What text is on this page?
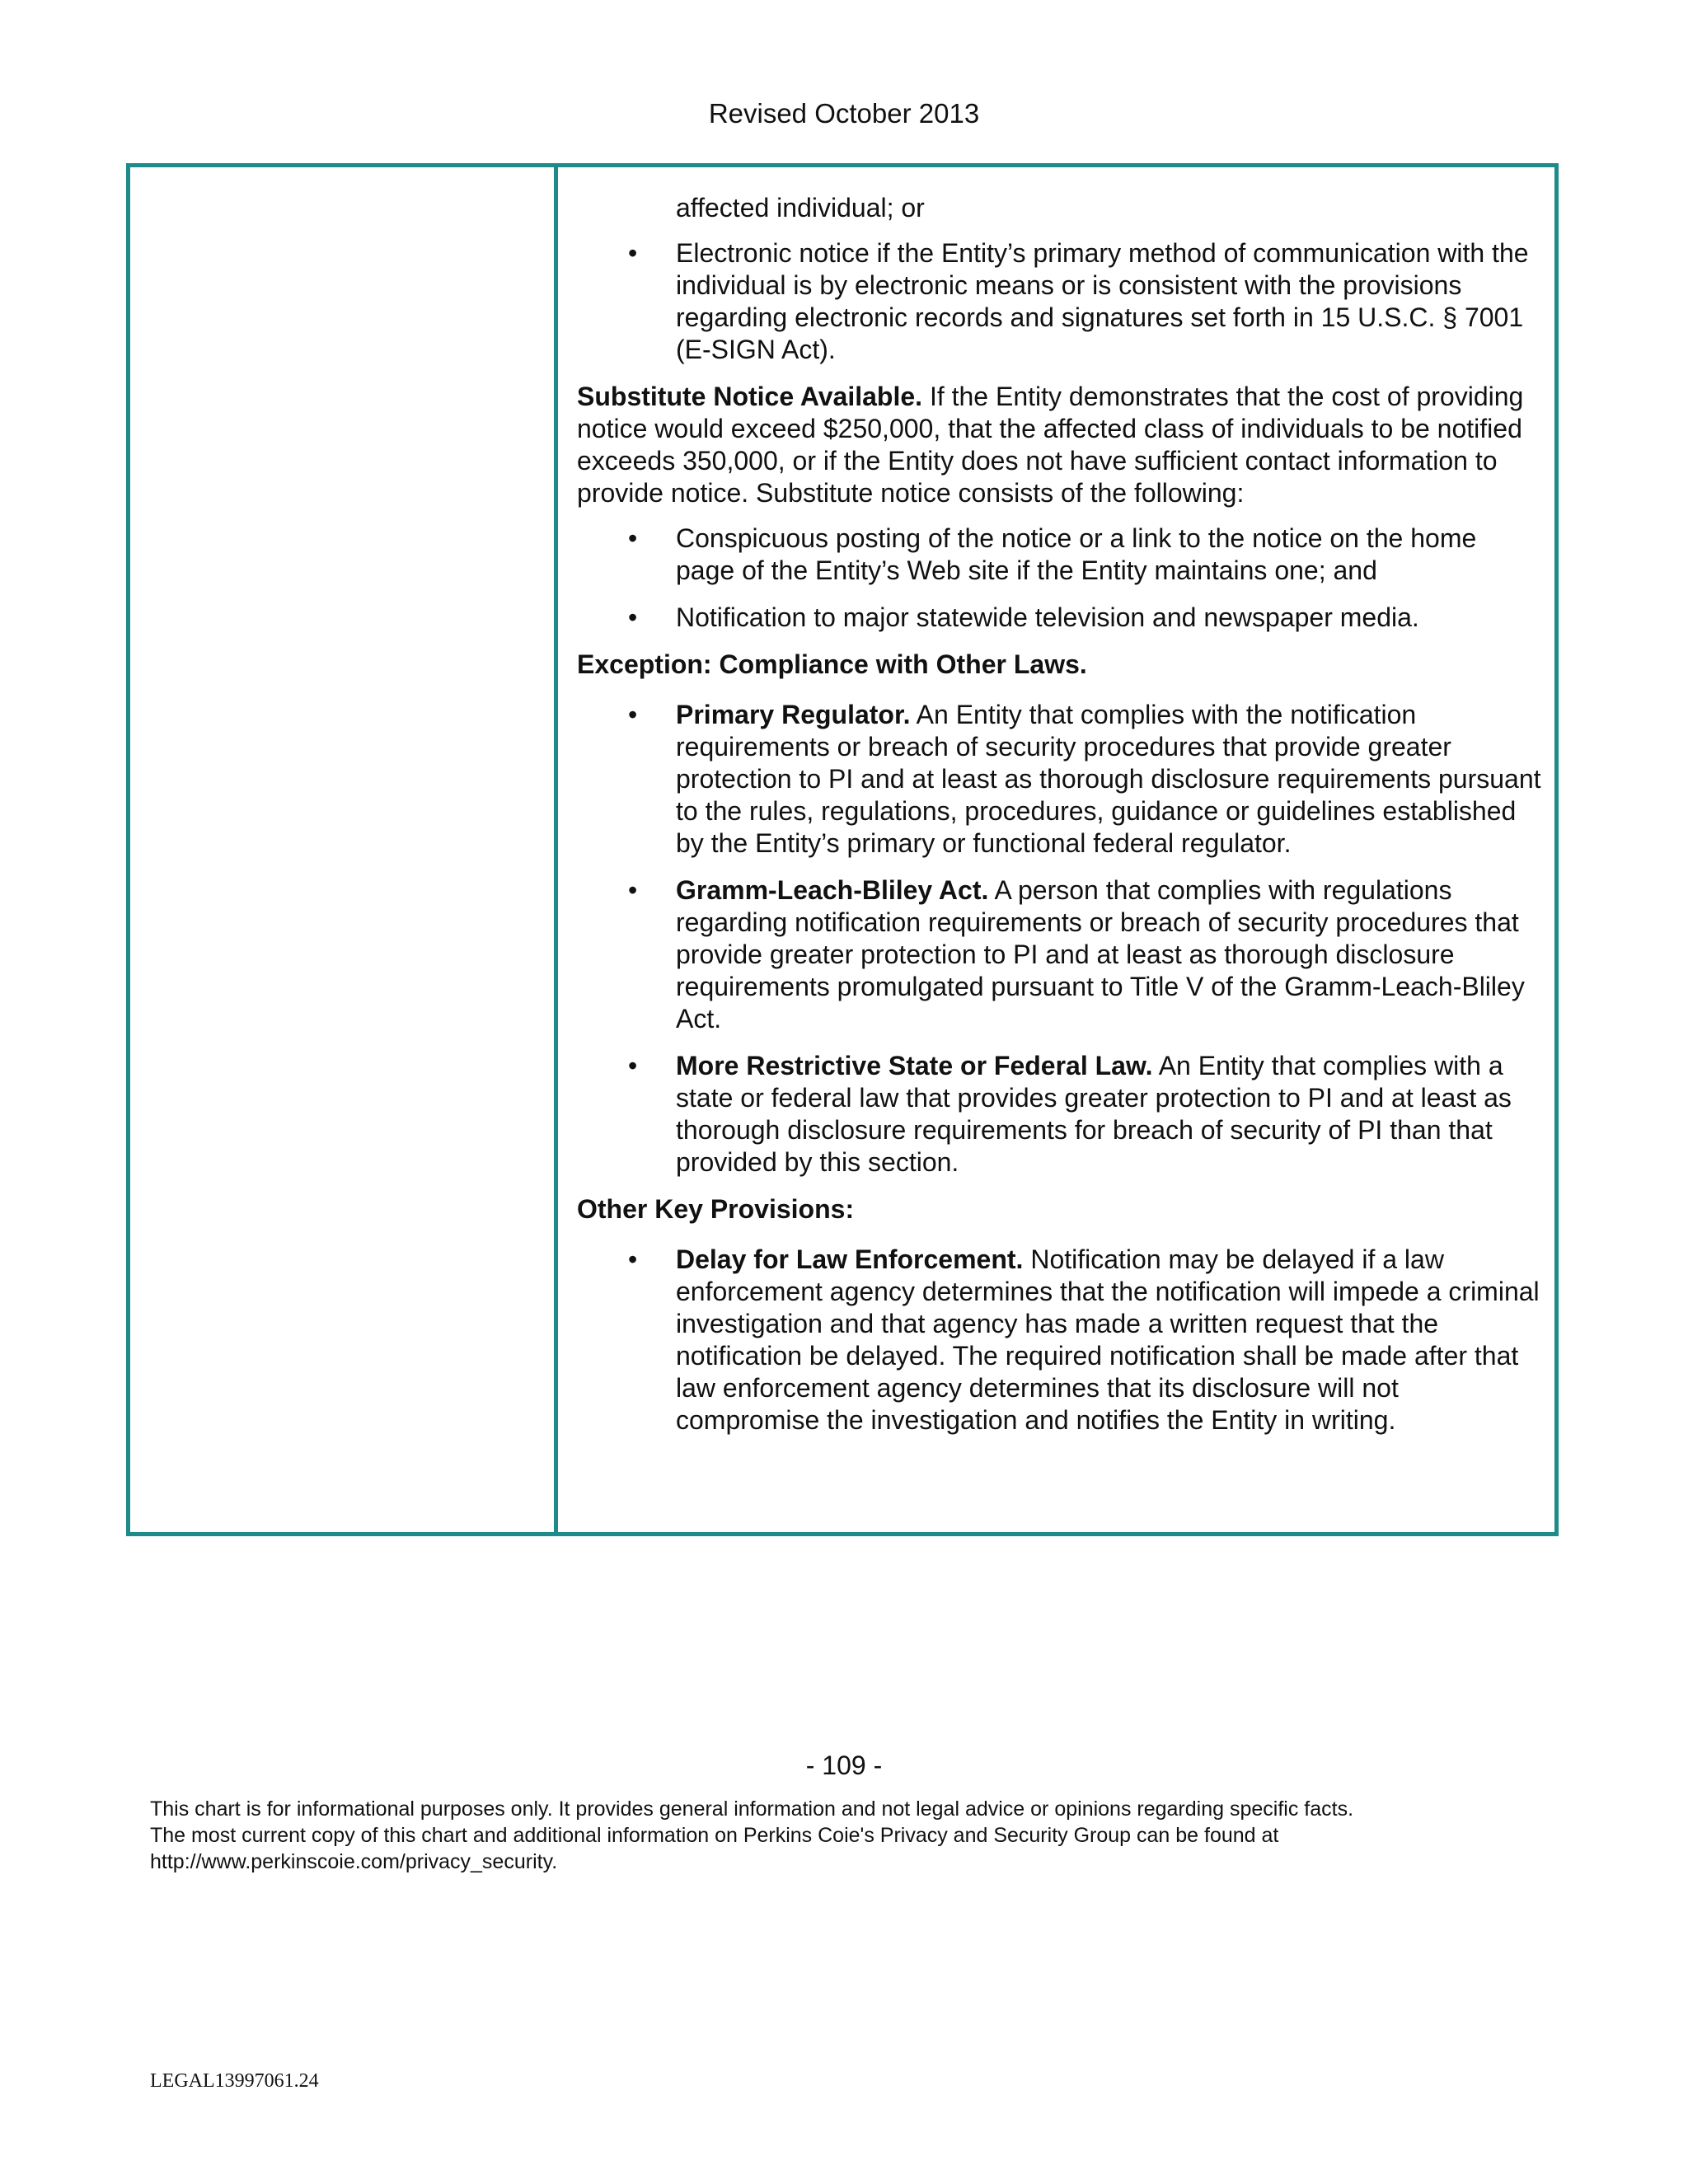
Revised October 2013

affected individual; or

• Electronic notice if the Entity’s primary method of communication with the individual is by electronic means or is consistent with the provisions regarding electronic records and signatures set forth in 15 U.S.C. § 7001 (E-SIGN Act).

Substitute Notice Available. If the Entity demonstrates that the cost of providing notice would exceed $250,000, that the affected class of individuals to be notified exceeds 350,000, or if the Entity does not have sufficient contact information to provide notice. Substitute notice consists of the following:

• Conspicuous posting of the notice or a link to the notice on the home page of the Entity’s Web site if the Entity maintains one; and

• Notification to major statewide television and newspaper media.

Exception: Compliance with Other Laws.

• Primary Regulator. An Entity that complies with the notification requirements or breach of security procedures that provide greater protection to PI and at least as thorough disclosure requirements pursuant to the rules, regulations, procedures, guidance or guidelines established by the Entity’s primary or functional federal regulator.

• Gramm-Leach-Bliley Act. A person that complies with regulations regarding notification requirements or breach of security procedures that provide greater protection to PI and at least as thorough disclosure requirements promulgated pursuant to Title V of the Gramm-Leach-Bliley Act.

• More Restrictive State or Federal Law. An Entity that complies with a state or federal law that provides greater protection to PI and at least as thorough disclosure requirements for breach of security of PI than that provided by this section.

Other Key Provisions:

• Delay for Law Enforcement. Notification may be delayed if a law enforcement agency determines that the notification will impede a criminal investigation and that agency has made a written request that the notification be delayed. The required notification shall be made after that law enforcement agency determines that its disclosure will not compromise the investigation and notifies the Entity in writing.

- 109 -
This chart is for informational purposes only. It provides general information and not legal advice or opinions regarding specific facts.
The most current copy of this chart and additional information on Perkins Coie's Privacy and Security Group can be found at
http://www.perkinscoie.com/privacy_security.
LEGAL13997061.24
